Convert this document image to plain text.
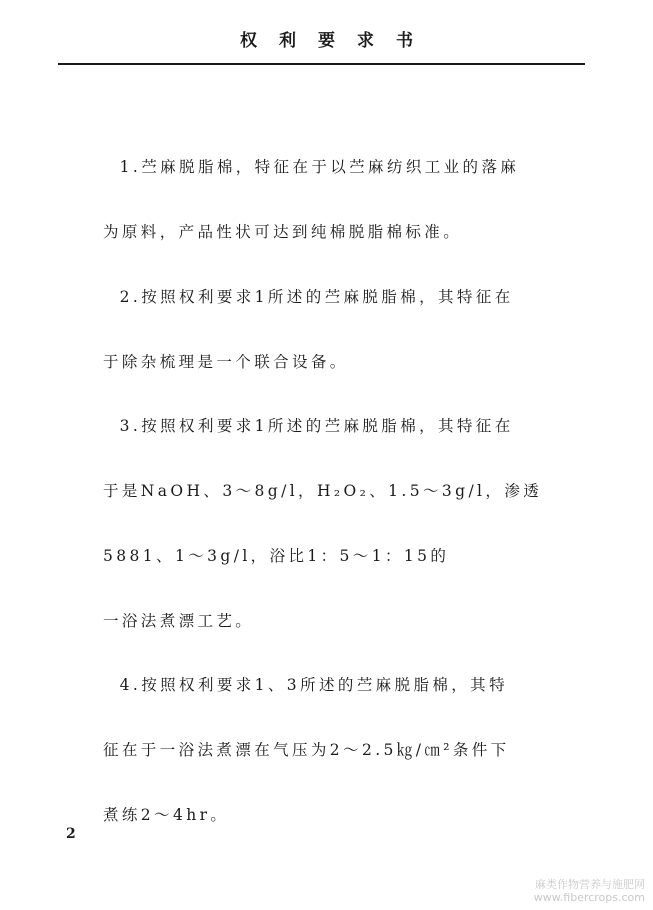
权利要求书

1.苎麻脱脂棉，特征在于以苎麻纺织工业的落麻

为原料，产品性状可达到纯棉脱脂棉标准。

2.按照权利要求1所述的苎麻脱脂棉，其特征在

于除杂梳理是一个联合设备。

3.按照权利要求1所述的苎麻脱脂棉，其特征在

于是NaOH、3～8g/l，H₂O₂、1.5～3g/l，渗透

5881、1～3g/l，浴比1：5～1：15的

一浴法煮漂工艺。

4.按照权利要求1、3所述的苎麻脱脂棉，其特

征在于一浴法煮漂在气压为2～2.5㎏/㎝²条件下

煮练2～4hr。

2
麻类作物营养与施肥网
www.fibercrops.com
